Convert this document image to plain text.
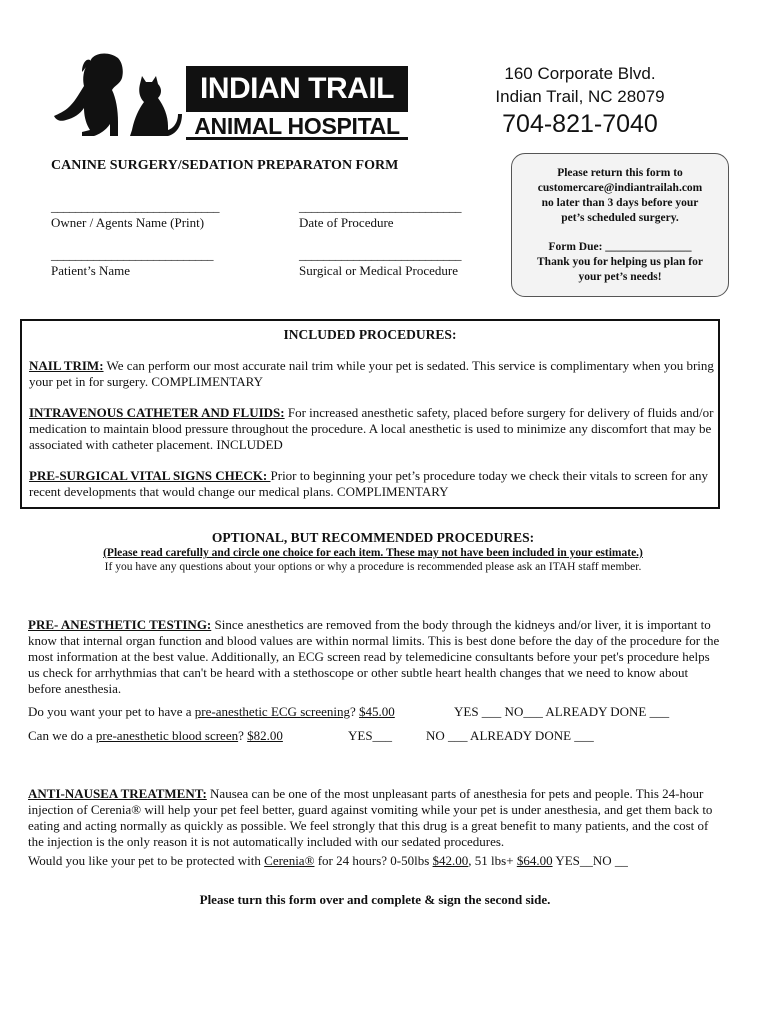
INDIAN TRAIL
ANIMAL HOSPITAL
160 Corporate Blvd.
Indian Trail, NC 28079
704-821-7040
CANINE SURGERY/SEDATION PREPARATON FORM
____________________________
Owner / Agents Name (Print)
___________________________
Date of Procedure
___________________________
Patient’s Name
___________________________
Surgical or Medical Procedure

Please return this form to

customercare@indiantrailah.com

no later than 3 days before your

pet’s scheduled surgery.

Form Due: _______________

Thank you for helping us plan for

your pet’s needs!

INCLUDED PROCEDURES:
NAIL TRIM: We can perform our most accurate nail trim while your pet is sedated. This service is complimentary when you bring your pet in for surgery. COMPLIMENTARY
INTRAVENOUS CATHETER AND FLUIDS: For increased anesthetic safety, placed before surgery for delivery of fluids and/or medication to maintain blood pressure throughout the procedure. A local anesthetic is used to minimize any discomfort that may be associated with catheter placement. INCLUDED
PRE-SURGICAL VITAL SIGNS CHECK: Prior to beginning your pet’s procedure today we check their vitals to screen for any recent developments that would change our medical plans. COMPLIMENTARY
OPTIONAL, BUT RECOMMENDED PROCEDURES:
(Please read carefully and circle one choice for each item. These may not have been included in your estimate.)
If you have any questions about your options or why a procedure is recommended please ask an ITAH staff member.
PRE- ANESTHETIC TESTING: Since anesthetics are removed from the body through the kidneys and/or liver, it is important to know that internal organ function and blood values are within normal limits. This is best done before the day of the procedure for the most information at the best value. Additionally, an ECG screen read by telemedicine consultants before your pet's procedure helps us check for arrhythmias that can't be heard with a stethoscope or other subtle heart health changes that we need to know about before anesthesia.
Do you want your pet to have a pre-anesthetic ECG screening? $45.00	YES ___ NO___ ALREADY DONE ___
Can we do a pre-anesthetic blood screen? $82.00	YES___	NO ___ ALREADY DONE ___
ANTI-NAUSEA TREATMENT: Nausea can be one of the most unpleasant parts of anesthesia for pets and people. This 24-hour injection of Cerenia® will help your pet feel better, guard against vomiting while your pet is under anesthesia, and get them back to eating and acting normally as quickly as possible. We feel strongly that this drug is a great benefit to many patients, and the cost of the injection is the only reason it is not automatically included with our sedated procedures.
Would you like your pet to be protected with Cerenia® for 24 hours? 0-50lbs $42.00, 51 lbs+ $64.00 YES__NO __
Please turn this form over and complete & sign the second side.
